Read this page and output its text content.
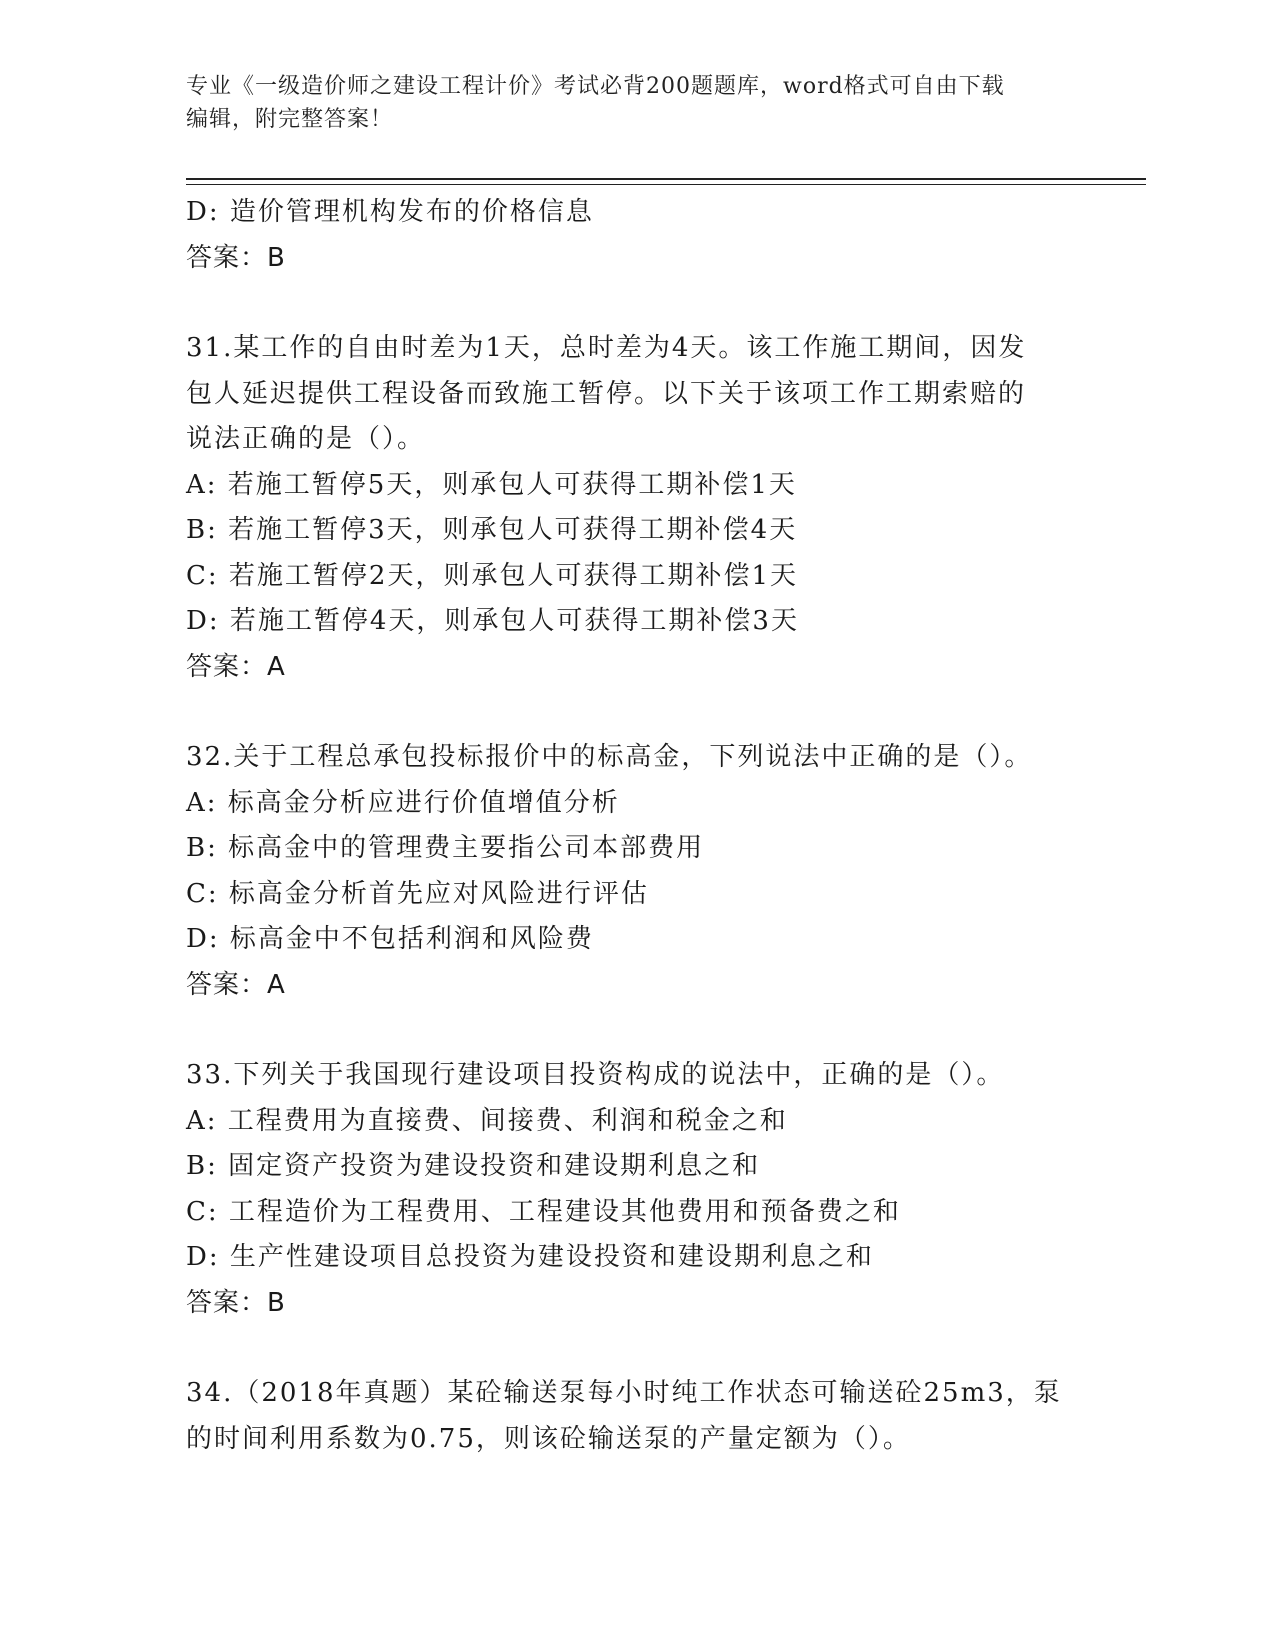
专业《一级造价师之建设工程计价》考试必背200题题库，word格式可自由下载
编辑，附完整答案！
D: 造价管理机构发布的价格信息
答案：B
31.某工作的自由时差为1天，总时差为4天。该工作施工期间，因发
包人延迟提供工程设备而致施工暂停。以下关于该项工作工期索赔的
说法正确的是（）。
A: 若施工暂停5天，则承包人可获得工期补偿1天
B: 若施工暂停3天，则承包人可获得工期补偿4天
C: 若施工暂停2天，则承包人可获得工期补偿1天
D: 若施工暂停4天，则承包人可获得工期补偿3天
答案：A
32.关于工程总承包投标报价中的标高金，下列说法中正确的是（）。
A: 标高金分析应进行价值增值分析
B: 标高金中的管理费主要指公司本部费用
C: 标高金分析首先应对风险进行评估
D: 标高金中不包括利润和风险费
答案：A
33.下列关于我国现行建设项目投资构成的说法中，正确的是（）。
A: 工程费用为直接费、间接费、利润和税金之和
B: 固定资产投资为建设投资和建设期利息之和
C: 工程造价为工程费用、工程建设其他费用和预备费之和
D: 生产性建设项目总投资为建设投资和建设期利息之和
答案：B
34.（2018年真题）某砼输送泵每小时纯工作状态可输送砼25m3，泵
的时间利用系数为0.75，则该砼输送泵的产量定额为（）。
